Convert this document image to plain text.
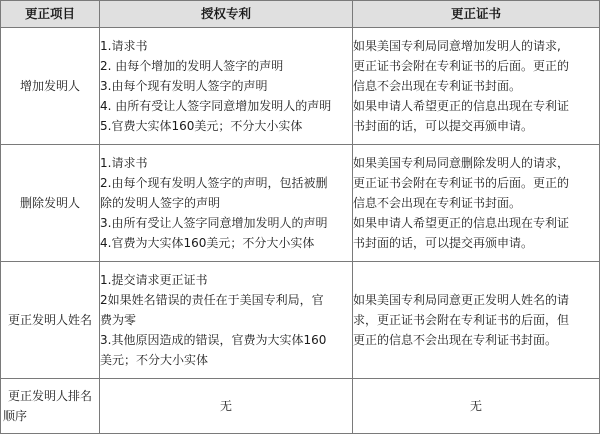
更正项目	授权专利	更正证书
增加发明人	1.请求书
2. 由每个增加的发明人签字的声明
3.由每个现有发明人签字的声明
4. 由所有受让人签字同意增加发明人的声明
5.官费大实体160美元；不分大小实体	如果美国专利局同意增加发明人的请求,
更正证书会附在专利证书的后面。更正的
信息不会出现在专利证书封面。
如果申请人希望更正的信息出现在专利证
书封面的话，可以提交再颁申请。

删除发明人	1.请求书
2.由每个现有发明人签字的声明，包括被删
除的发明人签字的声明
3.由所有受让人签字同意增加发明人的声明
4.官费为大实体160美元；不分大小实体	如果美国专利局同意删除发明人的请求，
更正证书会附在专利证书的后面。更正的
信息不会出现在专利证书封面。
如果申请人希望更正的信息出现在专利证
书封面的话，可以提交再颁申请。

更正发明人姓名	1.提交请求更正证书
2如果姓名错误的责任在于美国专利局，官
费为零
3.其他原因造成的错误，官费为大实体160
美元；不分大小实体	如果美国专利局同意更正发明人姓名的请
求，更正证书会附在专利证书的后面，但
更正的信息不会出现在专利证书封面。

更正发明人排名
顺序	无	无
